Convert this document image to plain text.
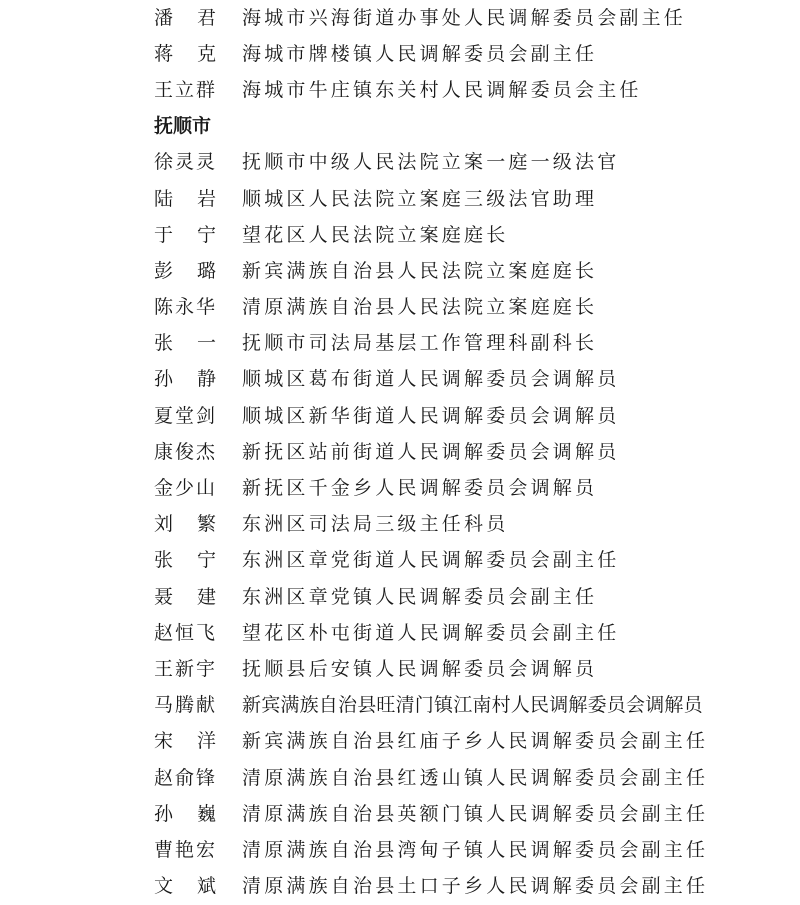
潘 君 海城市兴海街道办事处人民调解委员会副主任
蒋 克 海城市牌楼镇人民调解委员会副主任
王 立 群 海城市牛庄镇东关村人民调解委员会主任
抚顺市
徐 灵 灵 抚顺市中级人民法院立案一庭一级法官
陆 岩 顺城区人民法院立案庭三级法官助理
于 宁 望花区人民法院立案庭庭长
彭 璐 新宾满族自治县人民法院立案庭庭长
陈 永 华 清原满族自治县人民法院立案庭庭长
张 一 抚顺市司法局基层工作管理科副科长
孙 静 顺城区葛布街道人民调解委员会调解员
夏 堂 剑 顺城区新华街道人民调解委员会调解员
康 俊 杰 新抚区站前街道人民调解委员会调解员
金 少 山 新抚区千金乡人民调解委员会调解员
刘 繁 东洲区司法局三级主任科员
张 宁 东洲区章党街道人民调解委员会副主任
聂 建 东洲区章党镇人民调解委员会副主任
赵 恒 飞 望花区朴屯街道人民调解委员会副主任
王 新 宇 抚顺县后安镇人民调解委员会调解员
马 腾 献 新宾满族自治县旺清门镇江南村人民调解委员会调解员
宋 洋 新宾满族自治县红庙子乡人民调解委员会副主任
赵 俞 锋 清原满族自治县红透山镇人民调解委员会副主任
孙 巍 清原满族自治县英额门镇人民调解委员会副主任
曹 艳 宏 清原满族自治县湾甸子镇人民调解委员会副主任
文 斌 清原满族自治县土口子乡人民调解委员会副主任
